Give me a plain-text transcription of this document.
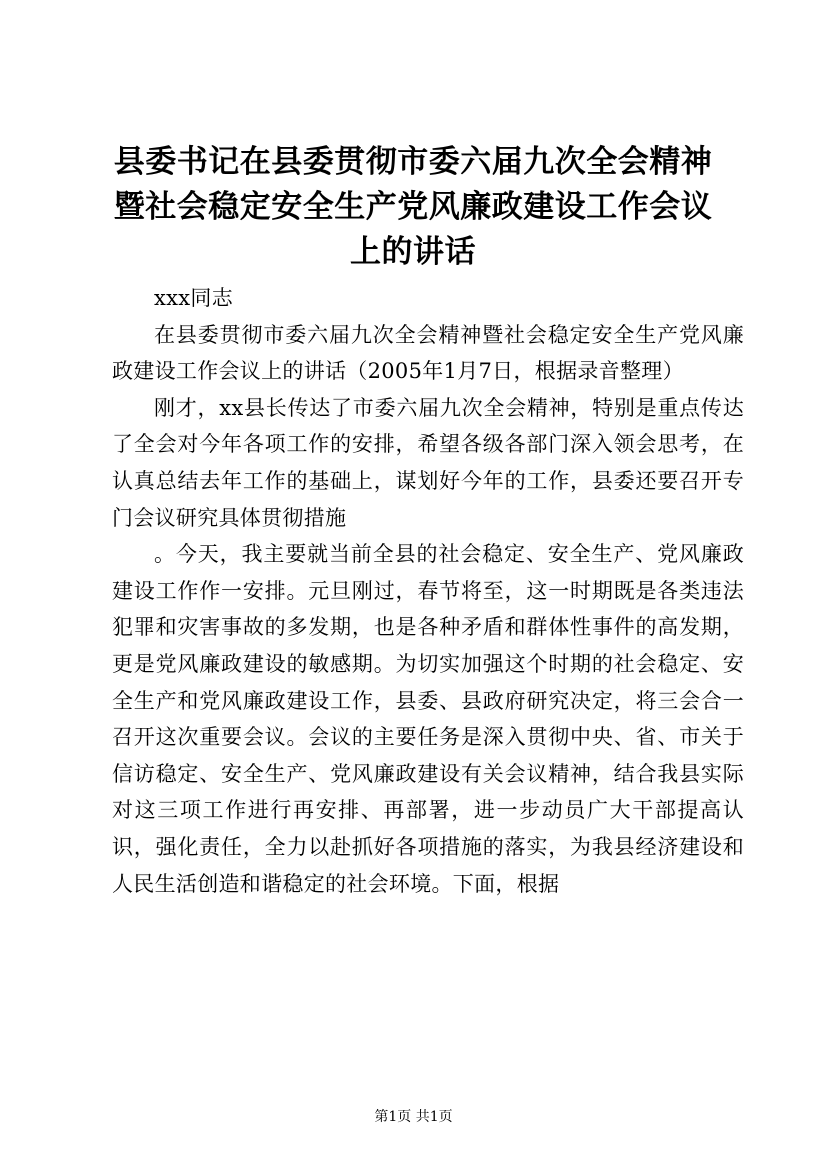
县委书记在县委贯彻市委六届九次全会精神暨社会稳定安全生产党风廉政建设工作会议上的讲话

xxx同志

在县委贯彻市委六届九次全会精神暨社会稳定安全生产党风廉政建设工作会议上的讲话（2005年1月7日，根据录音整理）

刚才，xx县长传达了市委六届九次全会精神，特别是重点传达了全会对今年各项工作的安排，希望各级各部门深入领会思考，在认真总结去年工作的基础上，谋划好今年的工作，县委还要召开专门会议研究具体贯彻措施

。今天，我主要就当前全县的社会稳定、安全生产、党风廉政建设工作作一安排。元旦刚过，春节将至，这一时期既是各类违法犯罪和灾害事故的多发期，也是各种矛盾和群体性事件的高发期，更是党风廉政建设的敏感期。为切实加强这个时期的社会稳定、安全生产和党风廉政建设工作，县委、县政府研究决定，将三会合一召开这次重要会议。会议的主要任务是深入贯彻中央、省、市关于信访稳定、安全生产、党风廉政建设有关会议精神，结合我县实际对这三项工作进行再安排、再部署，进一步动员广大干部提高认识，强化责任，全力以赴抓好各项措施的落实，为我县经济建设和人民生活创造和谐稳定的社会环境。下面，根据

第1页 共1页
